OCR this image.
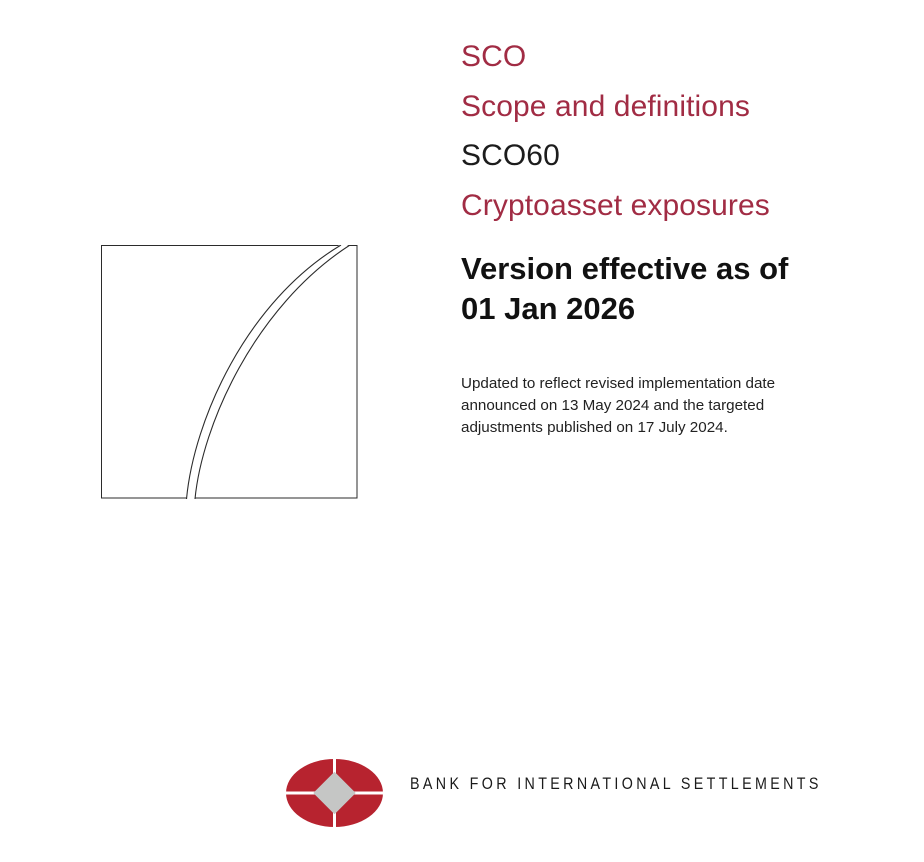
SCO
Scope and definitions
SCO60
Cryptoasset exposures
Version effective as of
01 Jan 2026

Updated to reflect revised implementation date announced on 13 May 2024 and the targeted adjustments published on 17 July 2024.

BANK FOR INTERNATIONAL SETTLEMENTS
